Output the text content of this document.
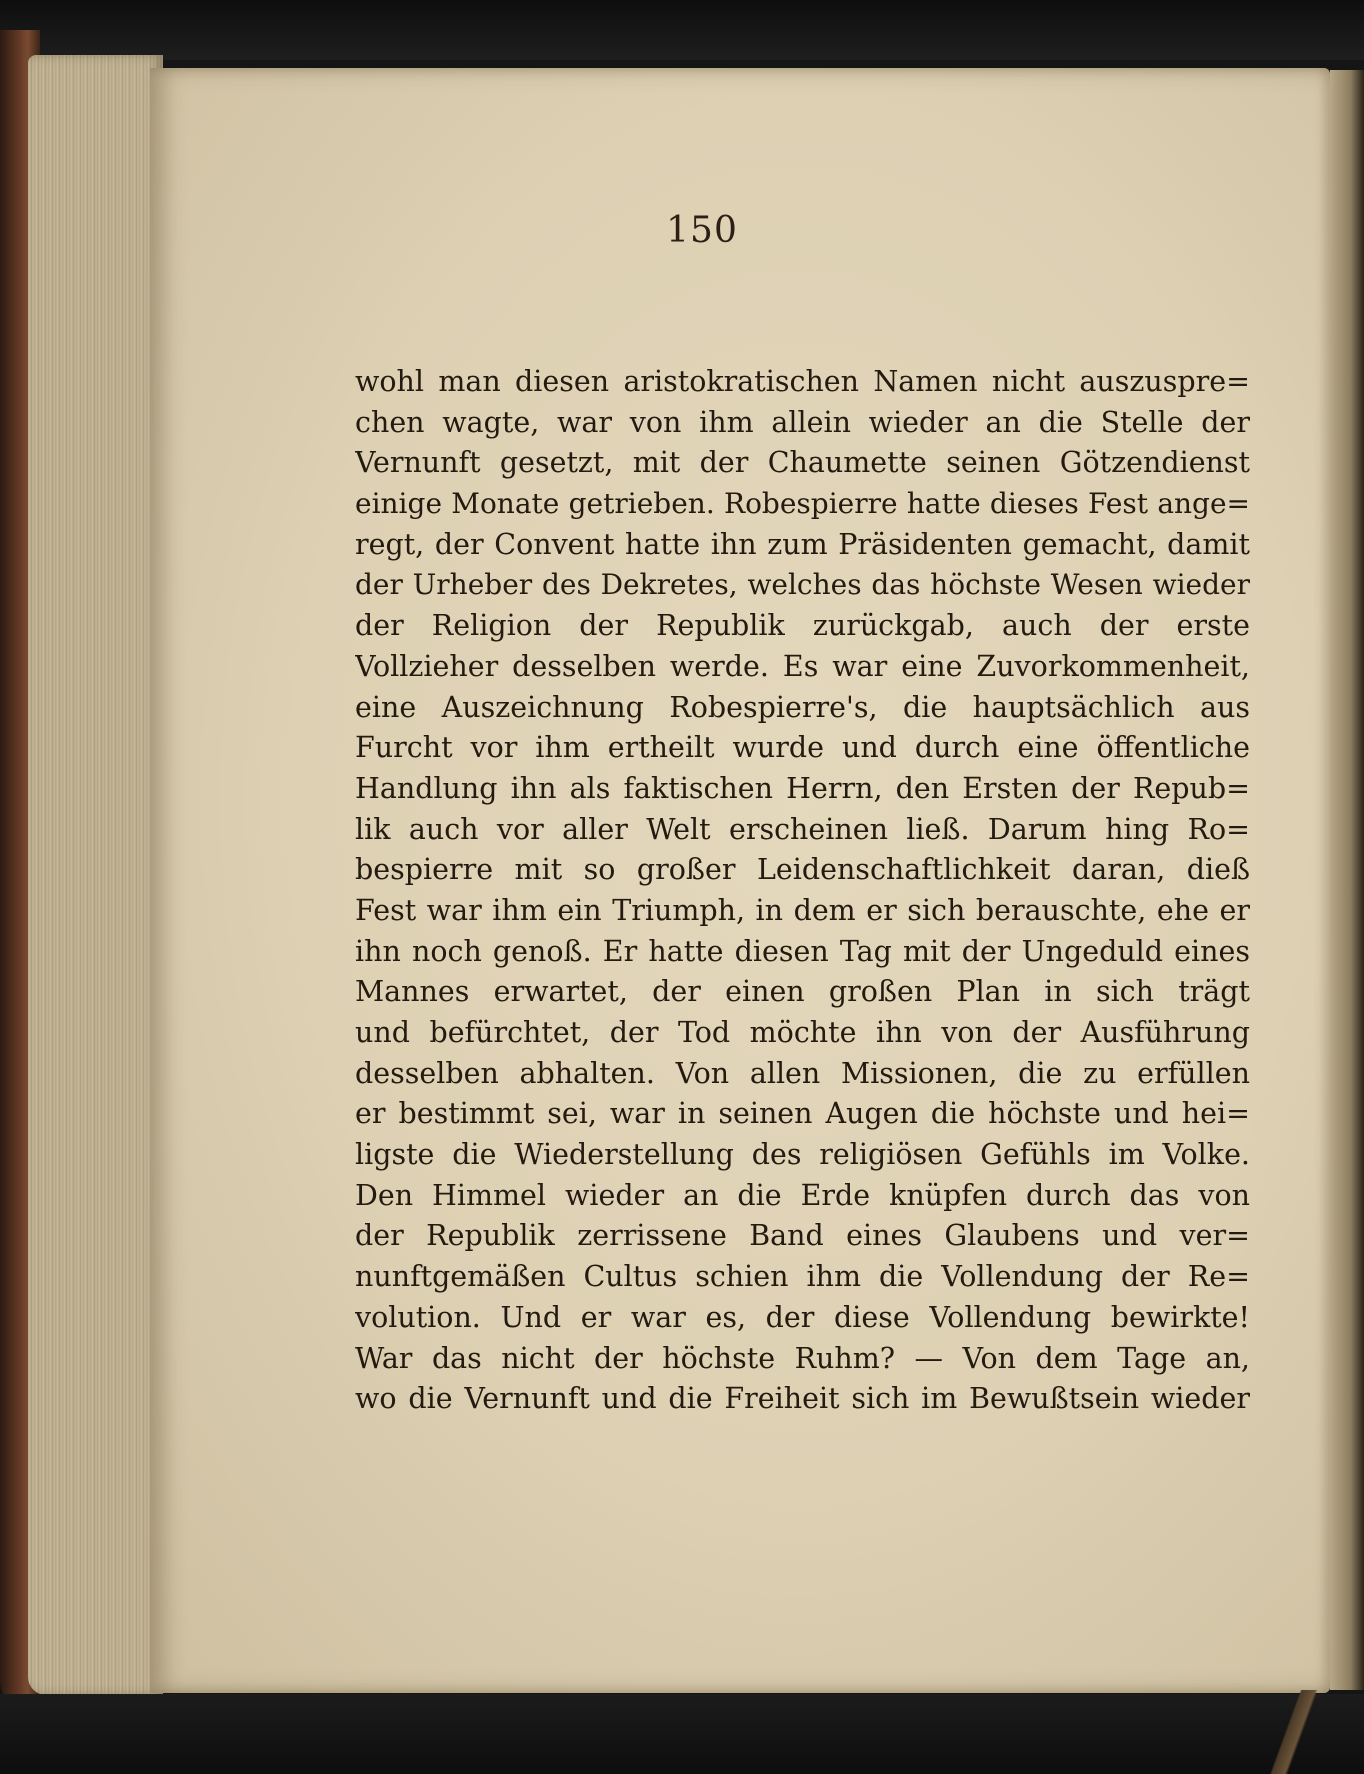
150
wohl man diesen aristokratischen Namen nicht auszuspre=
chen wagte, war von ihm allein wieder an die Stelle der
Vernunft gesetzt, mit der Chaumette seinen Götzendienst
einige Monate getrieben. Robespierre hatte dieses Fest ange=
regt, der Convent hatte ihn zum Präsidenten gemacht, damit
der Urheber des Dekretes, welches das höchste Wesen wieder
der Religion der Republik zurückgab, auch der erste
Vollzieher desselben werde. Es war eine Zuvorkommenheit,
eine Auszeichnung Robespierre's, die hauptsächlich aus
Furcht vor ihm ertheilt wurde und durch eine öffentliche
Handlung ihn als faktischen Herrn, den Ersten der Repub=
lik auch vor aller Welt erscheinen ließ. Darum hing Ro=
bespierre mit so großer Leidenschaftlichkeit daran, dieß
Fest war ihm ein Triumph, in dem er sich berauschte, ehe er
ihn noch genoß. Er hatte diesen Tag mit der Ungeduld eines
Mannes erwartet, der einen großen Plan in sich trägt
und befürchtet, der Tod möchte ihn von der Ausführung
desselben abhalten. Von allen Missionen, die zu erfüllen
er bestimmt sei, war in seinen Augen die höchste und hei=
ligste die Wiederstellung des religiösen Gefühls im Volke.
Den Himmel wieder an die Erde knüpfen durch das von
der Republik zerrissene Band eines Glaubens und ver=
nunftgemäßen Cultus schien ihm die Vollendung der Re=
volution. Und er war es, der diese Vollendung bewirkte!
War das nicht der höchste Ruhm? — Von dem Tage an,
wo die Vernunft und die Freiheit sich im Bewußtsein wieder
